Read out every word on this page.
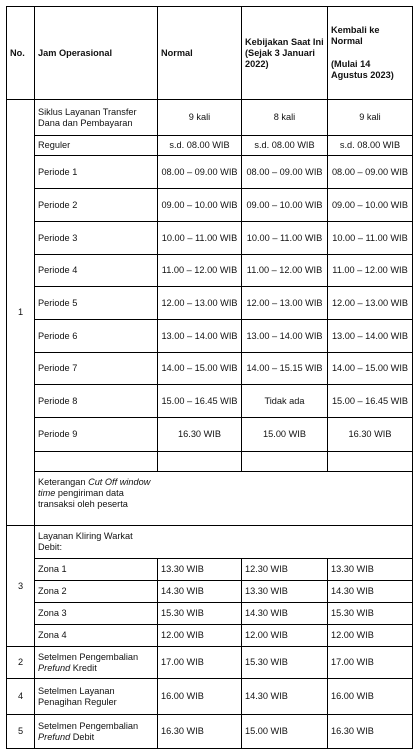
No.	Jam Operasional	Normal	Kebijakan Saat Ini (Sejak 3 Januari 2022)	Kembali ke Normal
(Mulai 14 Agustus 2023)

1	Siklus Layanan Transfer Dana dan Pembayaran	9 kali	8 kali	9 kali
	Reguler	s.d. 08.00 WIB	s.d. 08.00 WIB	s.d. 08.00 WIB
	Periode 1	08.00 – 09.00 WIB	08.00 – 09.00 WIB	08.00 – 09.00 WIB
	Periode 2	09.00 – 10.00 WIB	09.00 – 10.00 WIB	09.00 – 10.00 WIB
	Periode 3	10.00 – 11.00 WIB	10.00 – 11.00 WIB	10.00 – 11.00 WIB
	Periode 4	11.00 – 12.00 WIB	11.00 – 12.00 WIB	11.00 – 12.00 WIB
	Periode 5	12.00 – 13.00 WIB	12.00 – 13.00 WIB	12.00 – 13.00 WIB
	Periode 6	13.00 – 14.00 WIB	13.00 – 14.00 WIB	13.00 – 14.00 WIB
	Periode 7	14.00 – 15.00 WIB	14.00 – 15.15 WIB	14.00 – 15.00 WIB
	Periode 8	15.00 – 16.45 WIB	Tidak ada	15.00 – 16.45 WIB
	Periode 9	16.30 WIB	15.00 WIB	16.30 WIB

	Keterangan Cut Off window time pengiriman data transaksi oleh peserta			

3	Layanan Kliring Warkat Debit:			

	Zona 1	13.30 WIB	12.30 WIB	13.30 WIB
	Zona 2	14.30 WIB	13.30 WIB	14.30 WIB
	Zona 3	15.30 WIB	14.30 WIB	15.30 WIB
	Zona 4	12.00 WIB	12.00 WIB	12.00 WIB
2	Setelmen Pengembalian Prefund Kredit	17.00 WIB	15.30 WIB	17.00 WIB
4	Setelmen Layanan Penagihan Reguler	16.00 WIB	14.30 WIB	16.00 WIB
5	Setelmen Pengembalian Prefund Debit	16.30 WIB	15.00 WIB	16.30 WIB
